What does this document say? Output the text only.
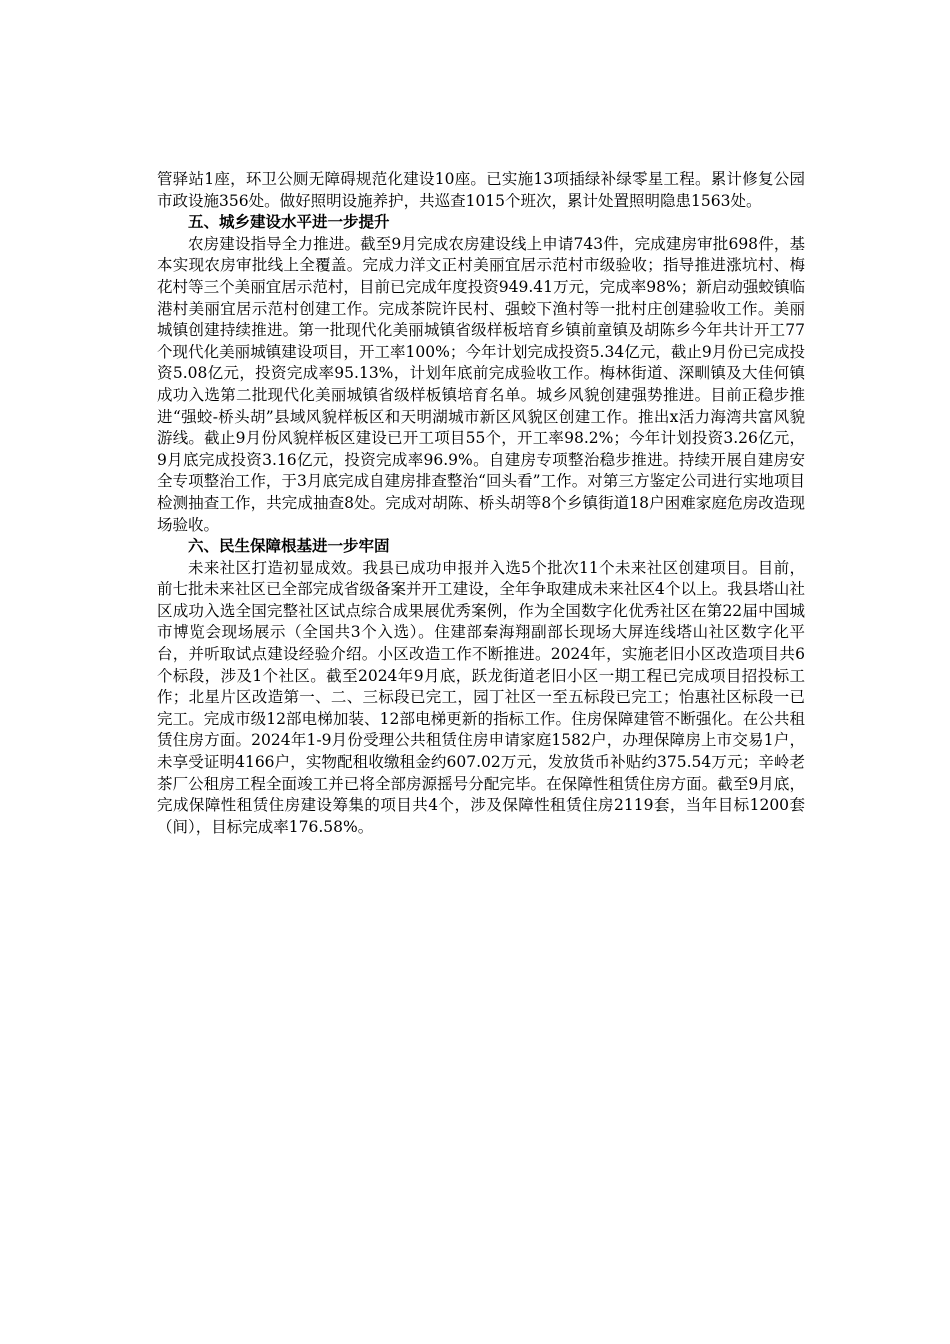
管驿站1座，环卫公厕无障碍规范化建设10座。已实施13项插绿补绿零星工程。累计修复公园市政设施356处。做好照明设施养护，共巡查1015个班次，累计处置照明隐患1563处。

五、城乡建设水平进一步提升

农房建设指导全力推进。截至9月完成农房建设线上申请743件，完成建房审批698件，基本实现农房审批线上全覆盖。完成力洋文正村美丽宜居示范村市级验收；指导推进涨坑村、梅花村等三个美丽宜居示范村，目前已完成年度投资949.41万元，完成率98%；新启动强蛟镇临港村美丽宜居示范村创建工作。完成茶院许民村、强蛟下渔村等一批村庄创建验收工作。美丽城镇创建持续推进。第一批现代化美丽城镇省级样板培育乡镇前童镇及胡陈乡今年共计开工77个现代化美丽城镇建设项目，开工率100%；今年计划完成投资5.34亿元，截止9月份已完成投资5.08亿元，投资完成率95.13%，计划年底前完成验收工作。梅林街道、深甽镇及大佳何镇成功入选第二批现代化美丽城镇省级样板镇培育名单。城乡风貌创建强势推进。目前正稳步推进“强蛟-桥头胡”县域风貌样板区和天明湖城市新区风貌区创建工作。推出x活力海湾共富风貌游线。截止9月份风貌样板区建设已开工项目55个，开工率98.2%；今年计划投资3.26亿元，9月底完成投资3.16亿元，投资完成率96.9%。自建房专项整治稳步推进。持续开展自建房安全专项整治工作，于3月底完成自建房排查整治“回头看”工作。对第三方鉴定公司进行实地项目检测抽查工作，共完成抽查8处。完成对胡陈、桥头胡等8个乡镇街道18户困难家庭危房改造现场验收。

六、民生保障根基进一步牢固

未来社区打造初显成效。我县已成功申报并入选5个批次11个未来社区创建项目。目前，前七批未来社区已全部完成省级备案并开工建设，全年争取建成未来社区4个以上。我县塔山社区成功入选全国完整社区试点综合成果展优秀案例，作为全国数字化优秀社区在第22届中国城市博览会现场展示（全国共3个入选）。住建部秦海翔副部长现场大屏连线塔山社区数字化平台，并听取试点建设经验介绍。小区改造工作不断推进。2024年，实施老旧小区改造项目共6个标段，涉及1个社区。截至2024年9月底，跃龙街道老旧小区一期工程已完成项目招投标工作；北星片区改造第一、二、三标段已完工，园丁社区一至五标段已完工；怡惠社区标段一已完工。完成市级12部电梯加装、12部电梯更新的指标工作。住房保障建管不断强化。在公共租赁住房方面。2024年1-9月份受理公共租赁住房申请家庭1582户，办理保障房上市交易1户，未享受证明4166户，实物配租收缴租金约607.02万元，发放货币补贴约375.54万元；辛岭老茶厂公租房工程全面竣工并已将全部房源摇号分配完毕。在保障性租赁住房方面。截至9月底，完成保障性租赁住房建设筹集的项目共4个，涉及保障性租赁住房2119套，当年目标1200套（间），目标完成率176.58%。
